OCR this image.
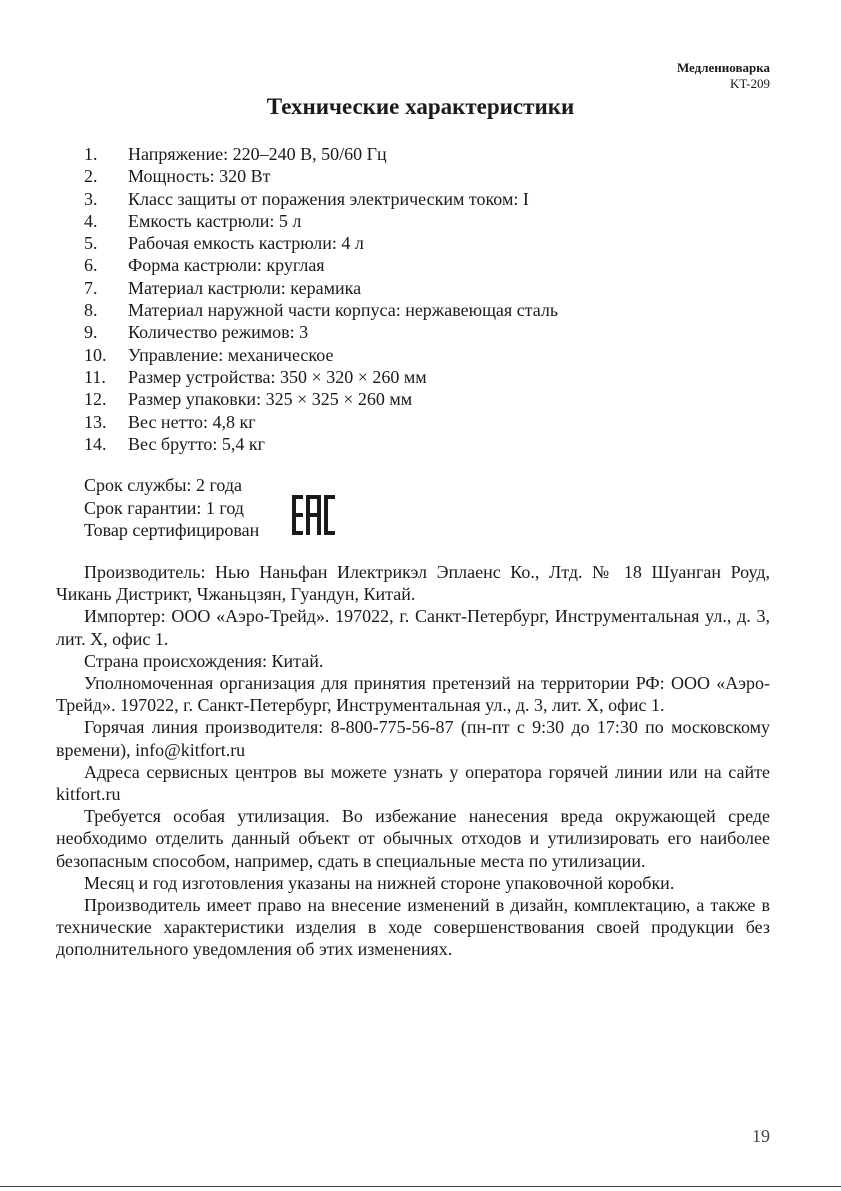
Медленноварка
KT-209
Технические характеристики
1.	Напряжение: 220–240 В, 50/60 Гц
2.	Мощность: 320 Вт
3.	Класс защиты от поражения электрическим током: I
4.	Емкость кастрюли: 5 л
5.	Рабочая емкость кастрюли: 4 л
6.	Форма кастрюли: круглая
7.	Материал кастрюли: керамика
8.	Материал наружной части корпуса: нержавеющая сталь
9.	Количество режимов: 3
10.	Управление: механическое
11.	Размер устройства: 350 × 320 × 260 мм
12.	Размер упаковки: 325 × 325 × 260 мм
13.	Вес нетто: 4,8 кг
14.	Вес брутто: 5,4 кг
Срок службы: 2 года
Срок гарантии: 1 год
Товар сертифицирован

Производитель: Нью Наньфан Илектрикэл Эплаенс Ко., Лтд. № 18 Шуанган Роуд, Чикань Дистрикт, Чжаньцзян, Гуандун, Китай.

Импортер: ООО «Аэро-Трейд». 197022, г. Санкт-Петербург, Инструментальная ул., д. 3, лит. Х, офис 1.

Страна происхождения: Китай.

Уполномоченная организация для принятия претензий на территории РФ: ООО «Аэро-Трейд». 197022, г. Санкт-Петербург, Инструментальная ул., д. 3, лит. Х, офис 1.

Горячая линия производителя: 8-800-775-56-87 (пн-пт с 9:30 до 17:30 по московскому времени), info@kitfort.ru

Адреса сервисных центров вы можете узнать у оператора горячей линии или на сайте kitfort.ru

Требуется особая утилизация. Во избежание нанесения вреда окружающей среде необходимо отделить данный объект от обычных отходов и утилизировать его наиболее безопасным способом, например, сдать в специальные места по утилизации.

Месяц и год изготовления указаны на нижней стороне упаковочной коробки.

Производитель имеет право на внесение изменений в дизайн, комплектацию, а также в технические характеристики изделия в ходе совершенствования своей продукции без дополнительного уведомления об этих изменениях.

19
